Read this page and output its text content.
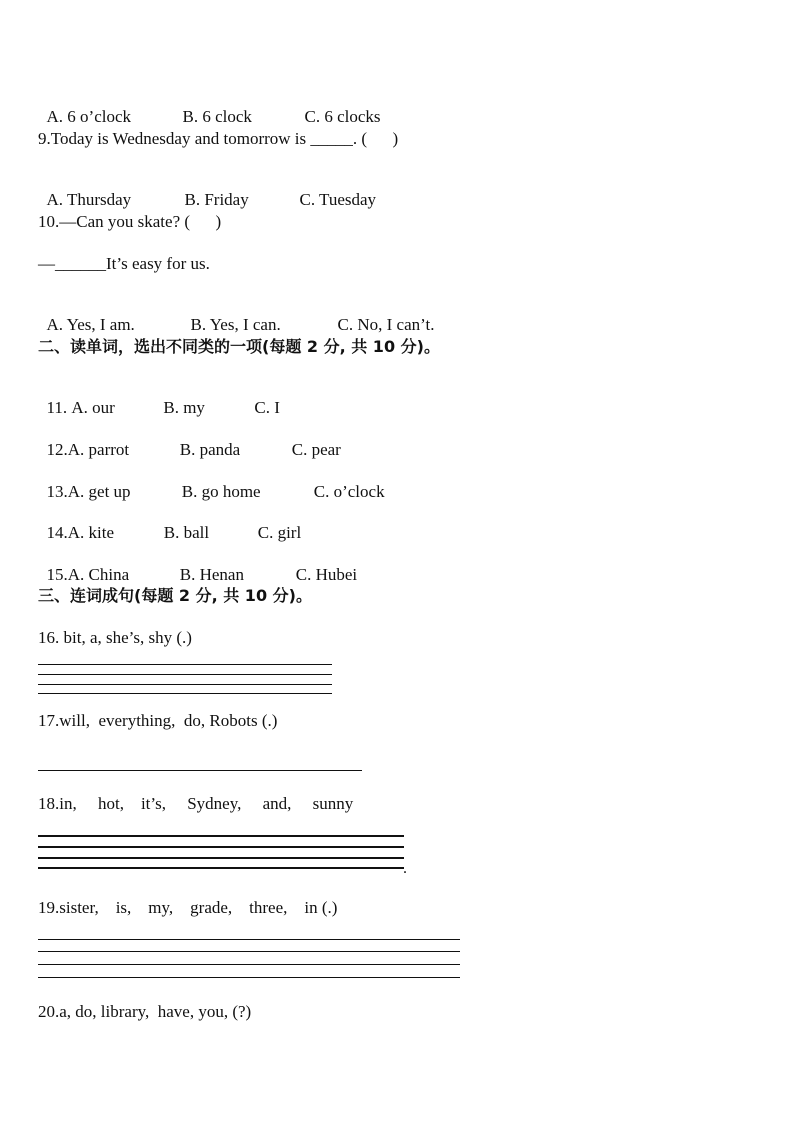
A. 6 o’clock	B. 6 clock	C. 6 clocks

9.Today is Wednesday and tomorrow is _____. (      )

A. Thursday	B. Friday	C. Tuesday

10.—Can you skate? (      )
—______It’s easy for us.

A. Yes, I am.	B. Yes, I can.	C. No, I can’t.

二、读单词，选出不同类的一项(每题 2 分, 共 10 分)。

11. A. our	B. my	C. I

12.A. parrot	B. panda	C. pear

13.A. get up	B. go home	C. o’clock

14.A. kite	B. ball	C. girl

15.A. China	B. Henan	C. Hubei

三、连词成句(每题 2 分, 共 10 分)。
16. bit, a, she’s, shy (.)
17.will,  everything,  do, Robots (.)
18.in,     hot,    it’s,     Sydney,     and,     sunny
.
19.sister,    is,    my,    grade,    three,    in (.)
20.a, do, library,  have, you, (?)
